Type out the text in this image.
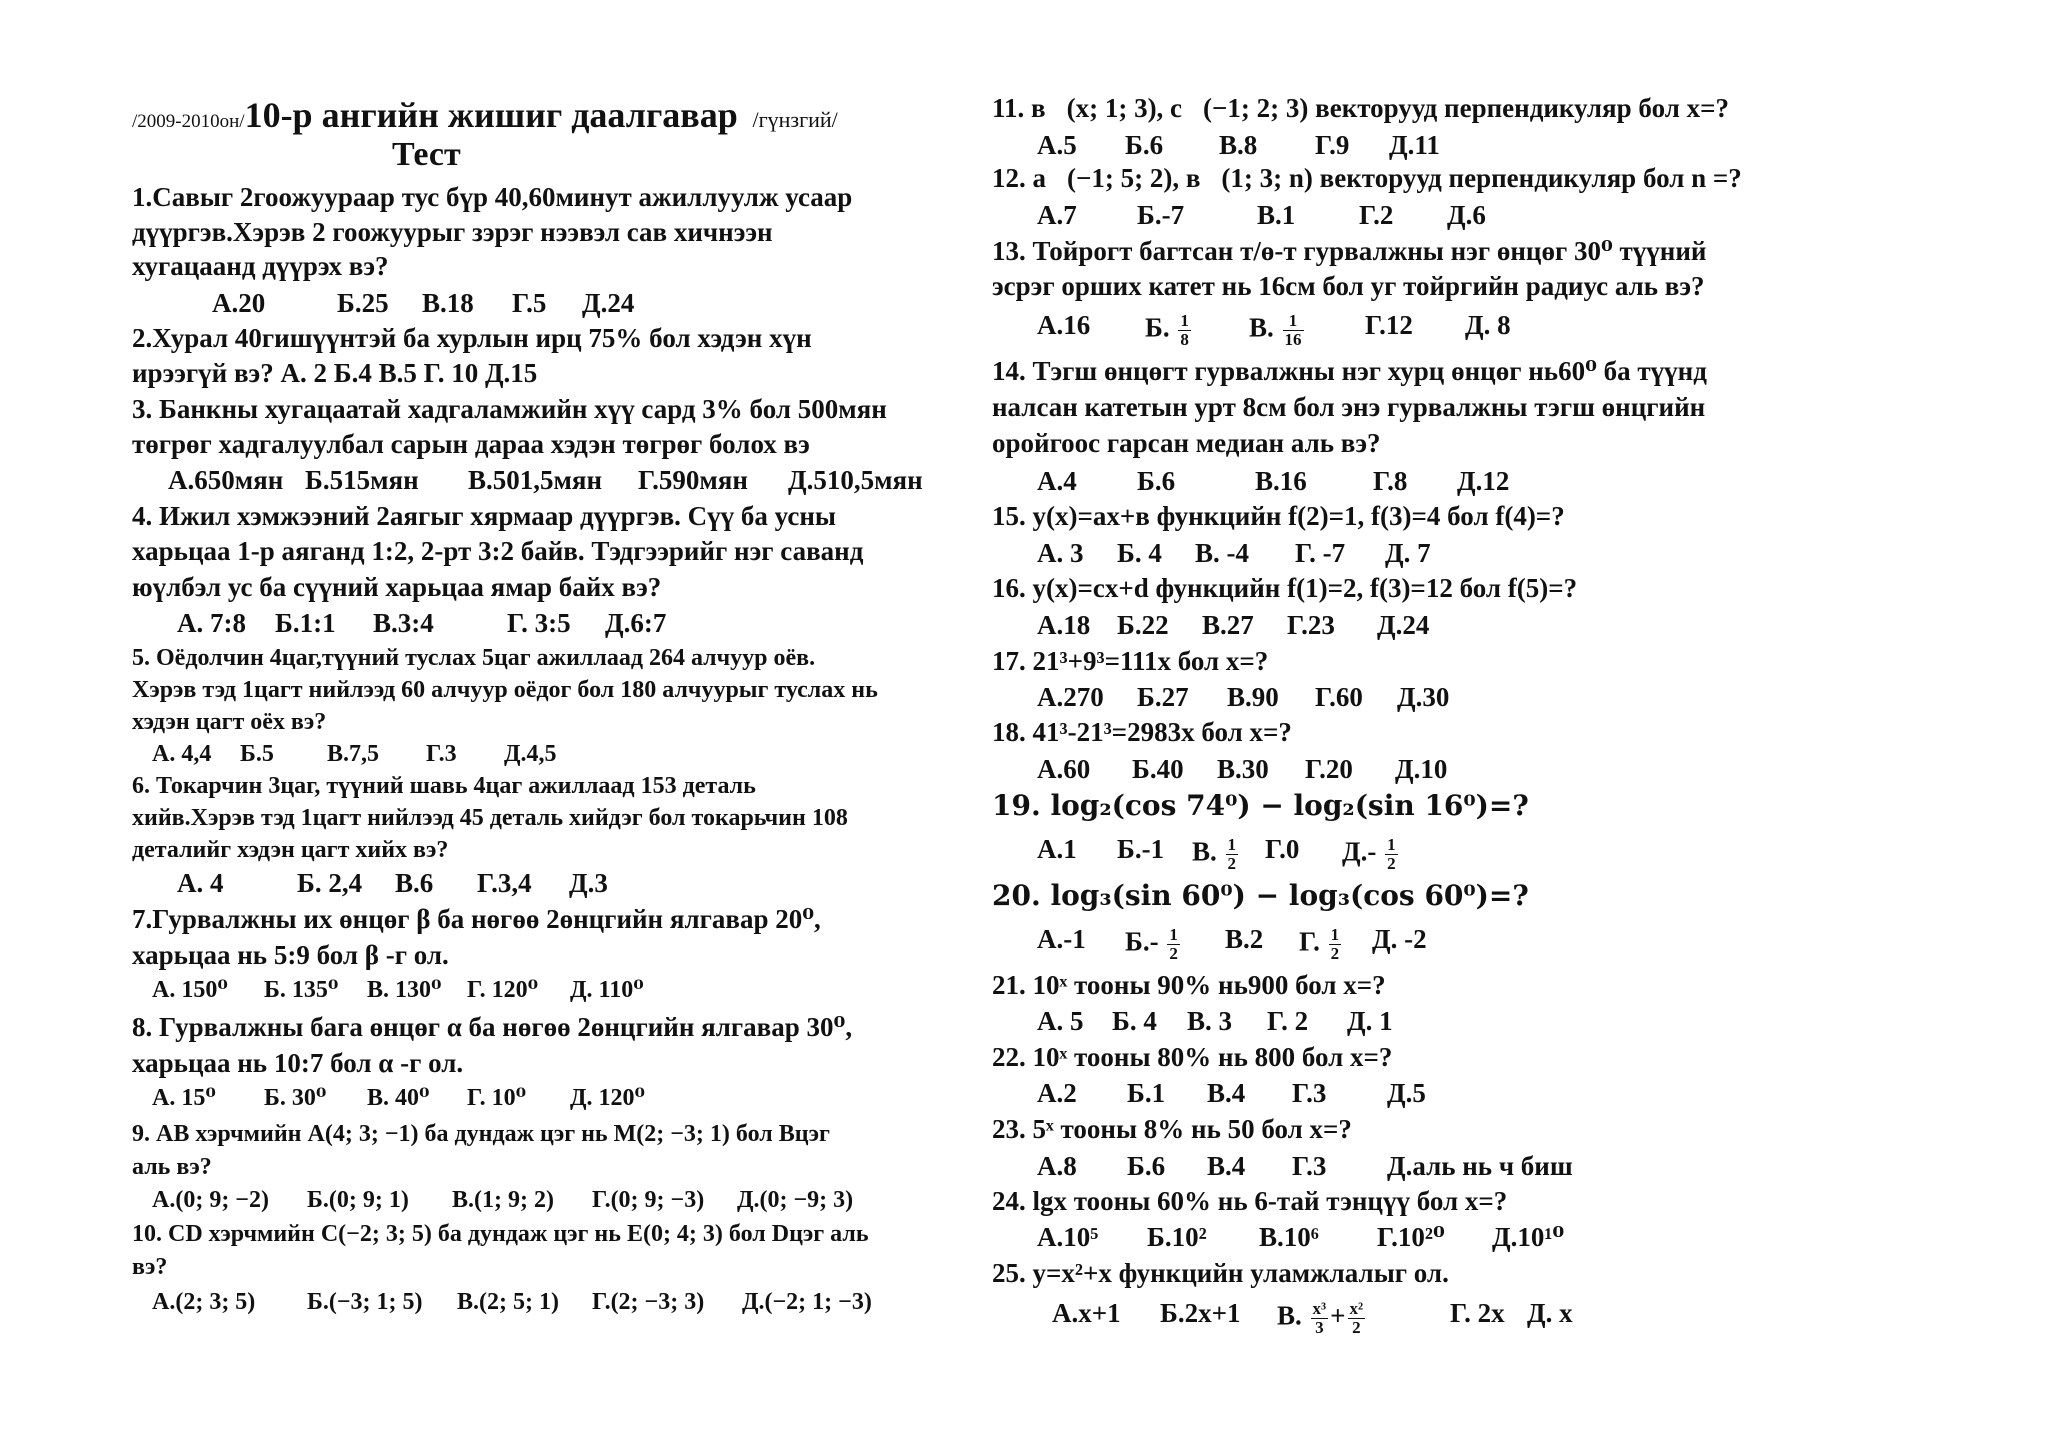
/2009-2010он/10-р ангийн жишиг даалгавар /гүнзгий/
Тест
1.Савыг 2гоожуураар тус бүр 40,60минут ажиллуулж усаар
дүүргэв.Хэрэв 2 гоожуурыг зэрэг нээвэл сав хичнээн
хугацаанд дүүрэх вэ?
А.20	Б.25 В.18 Г.5 Д.24
2.Хурал 40гишүүнтэй ба хурлын ирц 75% бол хэдэн хүн
ирээгүй вэ? А. 2 Б.4 В.5 Г. 10 Д.15
3. Банкны хугацаатай хадгаламжийн хүү сард 3% бол 500мян
төгрөг хадгалуулбал сарын дараа хэдэн төгрөг болох вэ
А.650мян Б.515мян В.501,5мян Г.590мян Д.510,5мян
4. Ижил хэмжээний 2аягыг хярмаар дүүргэв. Сүү ба усны
харьцаа 1-р аяганд 1:2, 2-рт 3:2 байв. Тэдгээрийг нэг саванд
юүлбэл ус ба сүүний харьцаа ямар байх вэ?
А. 7:8 Б.1:1 В.3:4	Г. 3:5 Д.6:7
5. Оёдолчин 4цаг,түүний туслах 5цаг ажиллаад 264 алчуур оёв.
Хэрэв тэд 1цагт нийлээд 60 алчуур оёдог бол 180 алчуурыг туслах нь
хэдэн цагт оёх вэ?
А. 4,4 Б.5 В.7,5 Г.3 Д.4,5
6. Токарчин 3цаг, түүний шавь 4цаг ажиллаад 153 деталь
хийв.Хэрэв тэд 1цагт нийлээд 45 деталь хийдэг бол токарьчин 108
деталийг хэдэн цагт хийх вэ?
А. 4	Б. 2,4 В.6 Г.3,4 Д.3
7.Гурвалжны их өнцөг β ба нөгөө 2өнцгийн ялгавар 20⁰,
харьцаа нь 5:9 бол β -г ол.
А. 150⁰ Б. 135⁰ В. 130⁰ Г. 120⁰ Д. 110⁰
8. Гурвалжны бага өнцөг α ба нөгөө 2өнцгийн ялгавар 30⁰,
харьцаа нь 10:7 бол α -г ол.
А. 15⁰ Б. 30⁰ В. 40⁰ Г. 10⁰ Д. 120⁰
9. АВ хэрчмийн A(4; 3; −1) ба дундаж цэг нь M(2; −3; 1) бол Вцэг
аль вэ?
А.(0; 9; −2) Б.(0; 9; 1) В.(1; 9; 2) Г.(0; 9; −3) Д.(0; −9; 3)
10. CD хэрчмийн C(−2; 3; 5) ба дундаж цэг нь E(0; 4; 3) бол Dцэг аль
вэ?
А.(2; 3; 5) Б.(−3; 1; 5) В.(2; 5; 1) Г.(2; −3; 3) Д.(−2; 1; −3)
11. в⃗(x; 1; 3), c⃗(−1; 2; 3) векторууд перпендикуляр бол x=?
А.5 Б.6 В.8 Г.9 Д.11
12. a⃗(−1; 5; 2), в⃗(1; 3; n) векторууд перпендикуляр бол n =?
А.7 Б.-7	В.1 Г.2 Д.6
13. Тойрогт багтсан т/ө-т гурвалжны нэг өнцөг 30⁰ түүний
эсрэг орших катет нь 16см бол уг тойргийн радиус аль вэ?
А.16 Б. $\frac{1}{8} В$. $\frac{1}{16} Г.12$ Д. 8
14. Тэгш өнцөгт гурвалжны нэг хурц өнцөг нь60⁰ ба түүнд
налсан катетын урт 8см бол энэ гурвалжны тэгш өнцгийн
оройгоос гарсан медиан аль вэ?
А.4 Б.6	В.16 Г.8 Д.12
15. y(x)=ax+в функцийн f(2)=1, f(3)=4 бол f(4)=?
А. 3 Б. 4 В. -4 Г. -7 Д. 7
16. y(x)=cx+d функцийн f(1)=2, f(3)=12 бол f(5)=?
А.18 Б.22 В.27 Г.23 Д.24
17. 21³+9³=111x бол x=?
А.270 Б.27 В.90 Г.60 Д.30
18. 41³-21³=2983x бол x=?
А.60 Б.40 В.30 Г.20 Д.10
19. log₂(cos 74⁰) − log₂(sin 16⁰)=?
А.1 Б.-1 В. $\frac{1}{2} Г.0$ $Д.- \frac{1}{2}$
20. log₃(sin 60⁰) − log₃(cos 60⁰)=?
А.-1 $Б.- \frac{1}{2} В.2$ Г. $\frac{1}{2} Д$. -2
21. 10ˣ тооны 90% нь900 бол x=?
А. 5 Б. 4 В. 3 Г. 2 Д. 1
22. 10ˣ тооны 80% нь 800 бол x=?
А.2 Б.1 В.4 Г.3 Д.5
23. 5ˣ тооны 8% нь 50 бол x=?
А.8 Б.6 В.4 Г.3 Д.аль нь ч биш
24. lgx тооны 60% нь 6-тай тэнцүү бол x=?
А.10⁵ Б.10² В.10⁶ Г.10²⁰ Д.10¹⁰
25. y=x²+x функцийн уламжлалыг ол.
А.x+1 Б.2x+1 В. $\frac{\text{x³}}{3} + \frac{\text{x²}}{2}$	Г. 2x Д. x
